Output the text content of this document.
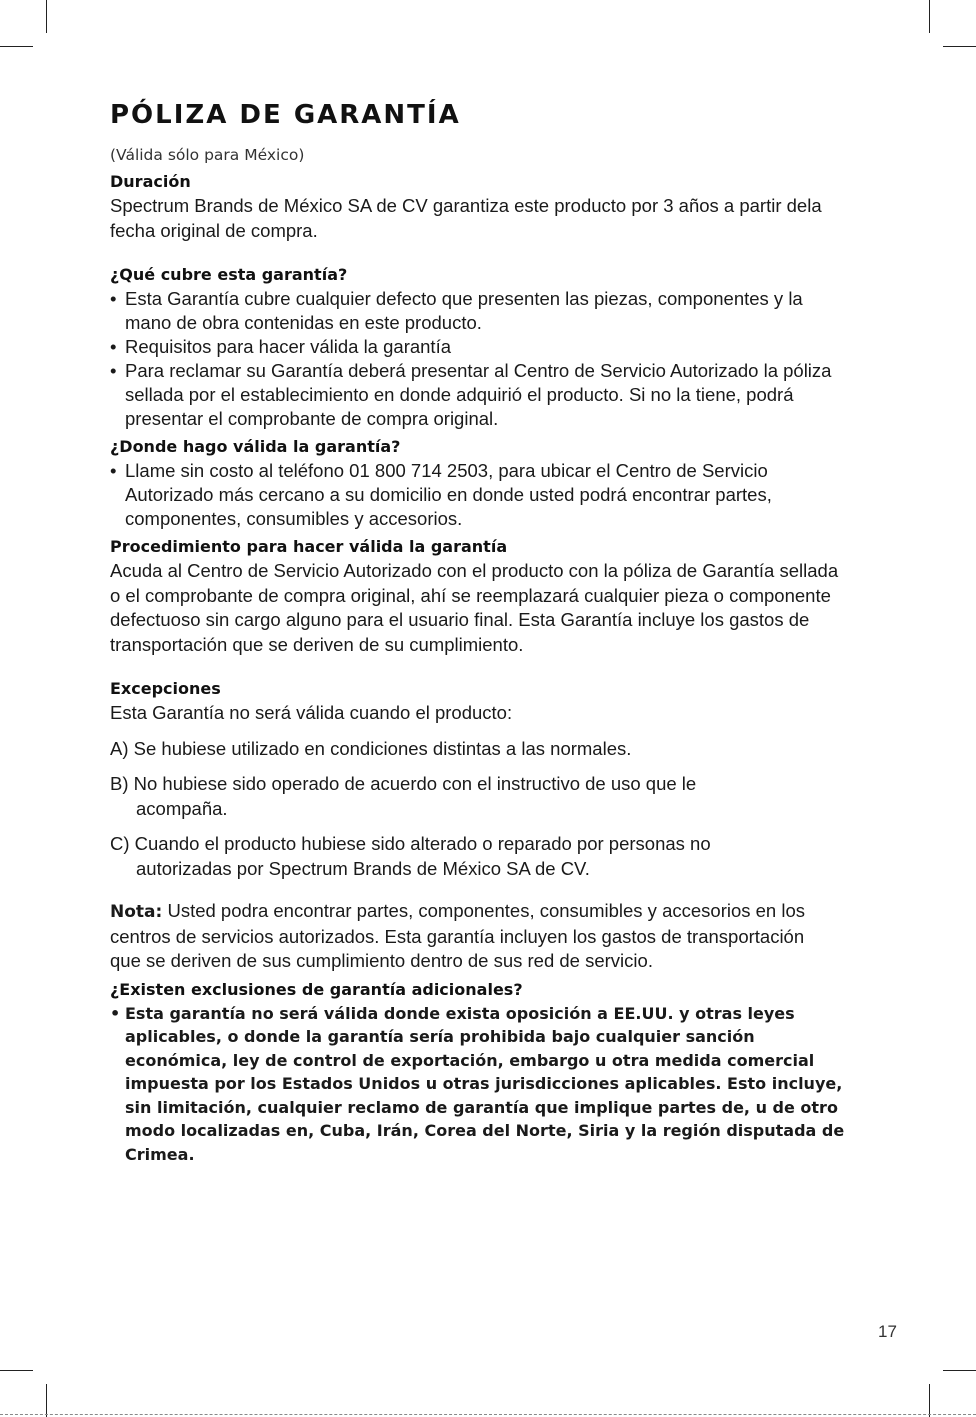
PÓLIZA DE GARANTÍA

(Válida sólo para México)

Duración

Spectrum Brands de México SA de CV garantiza este producto por 3 años a partir dela fecha original de compra.

¿Qué cubre esta garantía?
• Esta Garantía cubre cualquier defecto que presenten las piezas, componentes y la mano de obra contenidas en este producto.
• Requisitos para hacer válida la garantía
• Para reclamar su Garantía deberá presentar al Centro de Servicio Autorizado la póliza sellada por el establecimiento en donde adquirió el producto. Si no la tiene, podrá presentar el comprobante de compra original.
¿Donde hago válida la garantía?
• Llame sin costo al teléfono 01 800 714 2503, para ubicar el Centro de Servicio Autorizado más cercano a su domicilio en donde usted podrá encontrar partes, componentes, consumibles y accesorios.
Procedimiento para hacer válida la garantía

Acuda al Centro de Servicio Autorizado con el producto con la póliza de Garantía sellada o el comprobante de compra original, ahí se reemplazará cualquier pieza o componente defectuoso sin cargo alguno para el usuario final. Esta Garantía incluye los gastos de transportación que se deriven de su cumplimiento.

Excepciones

Esta Garantía no será válida cuando el producto:

A) Se hubiese utilizado en condiciones distintas a las normales.

B) No hubiese sido operado de acuerdo con el instructivo de uso que le acompaña.

C) Cuando el producto hubiese sido alterado o reparado por personas no autorizadas por Spectrum Brands de México SA de CV.

Nota: Usted podra encontrar partes, componentes, consumibles y accesorios en los centros de servicios autorizados. Esta garantía incluyen los gastos de transportación que se deriven de sus cumplimiento dentro de sus red de servicio.

¿Existen exclusiones de garantía adicionales?
• Esta garantía no será válida donde exista oposición a EE.UU. y otras leyes aplicables, o donde la garantía sería prohibida bajo cualquier sanción económica, ley de control de exportación, embargo u otra medida comercial impuesta por los Estados Unidos u otras jurisdicciones aplicables. Esto incluye, sin limitación, cualquier reclamo de garantía que implique partes de, u de otro modo localizadas en, Cuba, Irán, Corea del Norte, Siria y la región disputada de Crimea.
17
